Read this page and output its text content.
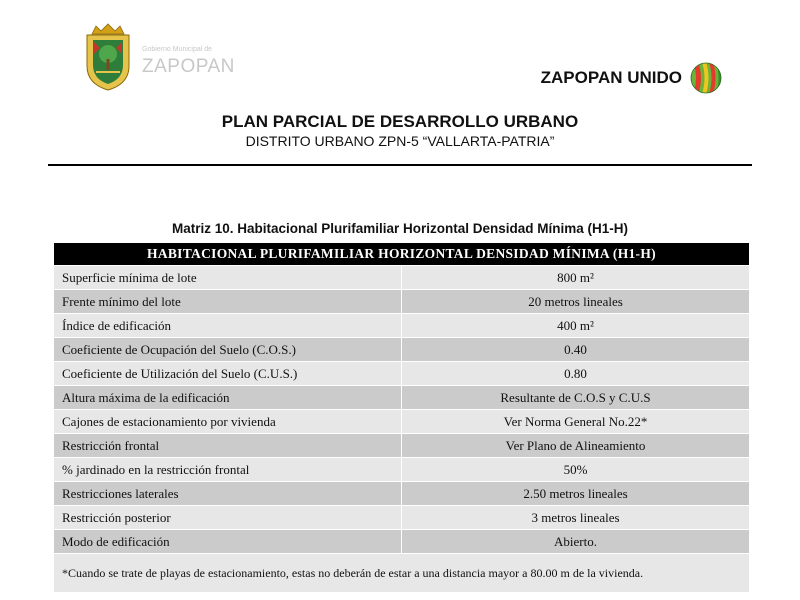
Gobierno Municipal de
ZAPOPAN
ZAPOPAN UNIDO
PLAN PARCIAL DE DESARROLLO URBANO
DISTRITO URBANO ZPN-5 “VALLARTA-PATRIA”
Matriz 10. Habitacional Plurifamiliar Horizontal Densidad Mínima (H1-H)
HABITACIONAL PLURIFAMILIAR HORIZONTAL DENSIDAD MÍNIMA (H1-H)	
Superficie mínima de lote	800 m²
Frente mínimo del lote	20 metros lineales
Índice de edificación	400 m²
Coeficiente de Ocupación del Suelo (C.O.S.)	0.40
Coeficiente de Utilización del Suelo (C.U.S.)	0.80
Altura máxima de la edificación	Resultante de C.O.S y C.U.S
Cajones de estacionamiento por vivienda	Ver Norma General No.22*
Restricción frontal	Ver Plano de Alineamiento
% jardinado en la restricción frontal	50%
Restricciones laterales	2.50 metros lineales
Restricción posterior	3 metros lineales
Modo de edificación	Abierto.
*Cuando se trate de playas de estacionamiento, estas no deberán de estar a una distancia mayor a 80.00 m de la vivienda.	
